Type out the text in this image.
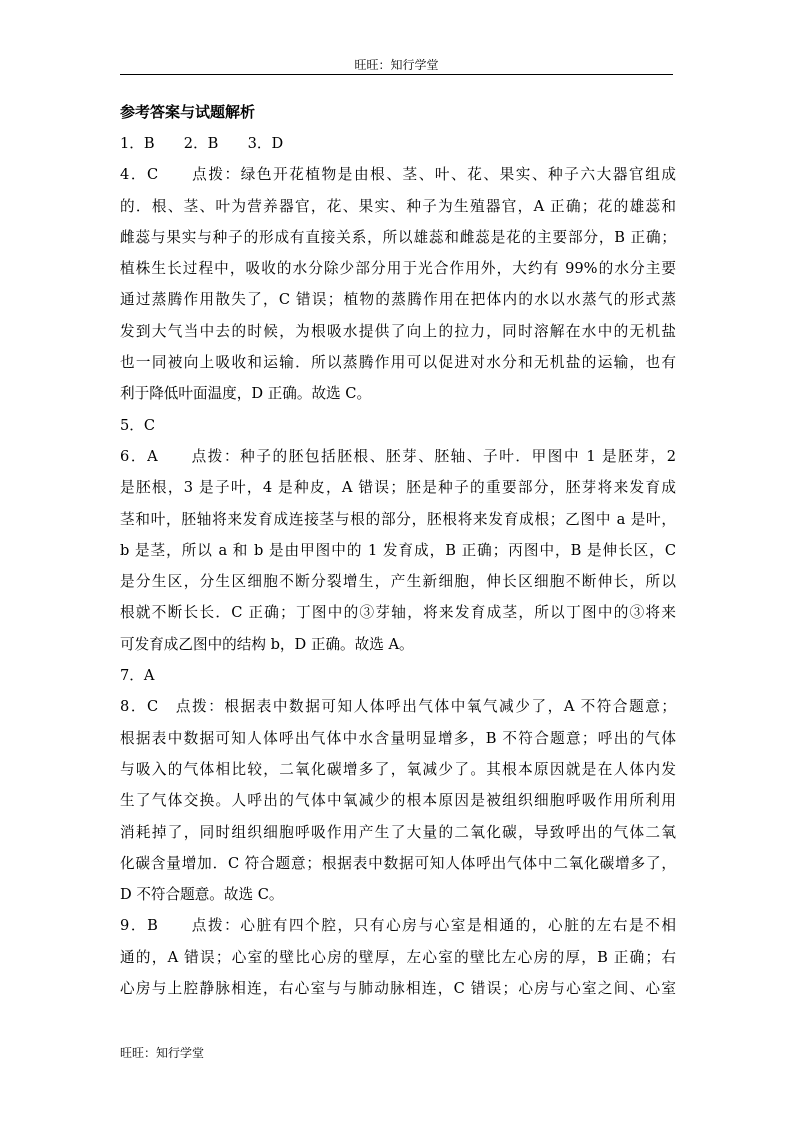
旺旺：知行学堂
参考答案与试题解析
1．B　　2．B　　3．D
4．C　　点拨：绿色开花植物是由根、茎、叶、花、果实、种子六大器官组成
的．根、茎、叶为营养器官，花、果实、种子为生殖器官，A 正确；花的雄蕊和
雌蕊与果实与种子的形成有直接关系，所以雄蕊和雌蕊是花的主要部分，B 正确；
植株生长过程中，吸收的水分除少部分用于光合作用外，大约有 99%的水分主要
通过蒸腾作用散失了，C 错误；植物的蒸腾作用在把体内的水以水蒸气的形式蒸
发到大气当中去的时候，为根吸水提供了向上的拉力，同时溶解在水中的无机盐
也一同被向上吸收和运输．所以蒸腾作用可以促进对水分和无机盐的运输，也有
利于降低叶面温度，D 正确。故选 C。
5．C
6．A　　点拨：种子的胚包括胚根、胚芽、胚轴、子叶．甲图中 1 是胚芽，2
是胚根，3 是子叶，4 是种皮，A 错误；胚是种子的重要部分，胚芽将来发育成
茎和叶，胚轴将来发育成连接茎与根的部分，胚根将来发育成根；乙图中 a 是叶，
b 是茎，所以 a 和 b 是由甲图中的 1 发育成，B 正确；丙图中，B 是伸长区，C
是分生区，分生区细胞不断分裂增生，产生新细胞，伸长区细胞不断伸长，所以
根就不断长长．C 正确；丁图中的③芽轴，将来发育成茎，所以丁图中的③将来
可发育成乙图中的结构 b，D 正确。故选 A。
7．A
8．C　点拨：根据表中数据可知人体呼出气体中氧气减少了，A 不符合题意；
根据表中数据可知人体呼出气体中水含量明显增多，B 不符合题意；呼出的气体
与吸入的气体相比较，二氧化碳增多了，氧减少了。其根本原因就是在人体内发
生了气体交换。人呼出的气体中氧减少的根本原因是被组织细胞呼吸作用所利用
消耗掉了，同时组织细胞呼吸作用产生了大量的二氧化碳，导致呼出的气体二氧
化碳含量增加．C 符合题意；根据表中数据可知人体呼出气体中二氧化碳增多了，
D 不符合题意。故选 C。
9．B　　点拨：心脏有四个腔，只有心房与心室是相通的，心脏的左右是不相
通的，A 错误；心室的壁比心房的壁厚，左心室的壁比左心房的厚，B 正确；右
心房与上腔静脉相连，右心室与与肺动脉相连，C 错误；心房与心室之间、心室
旺旺：知行学堂
